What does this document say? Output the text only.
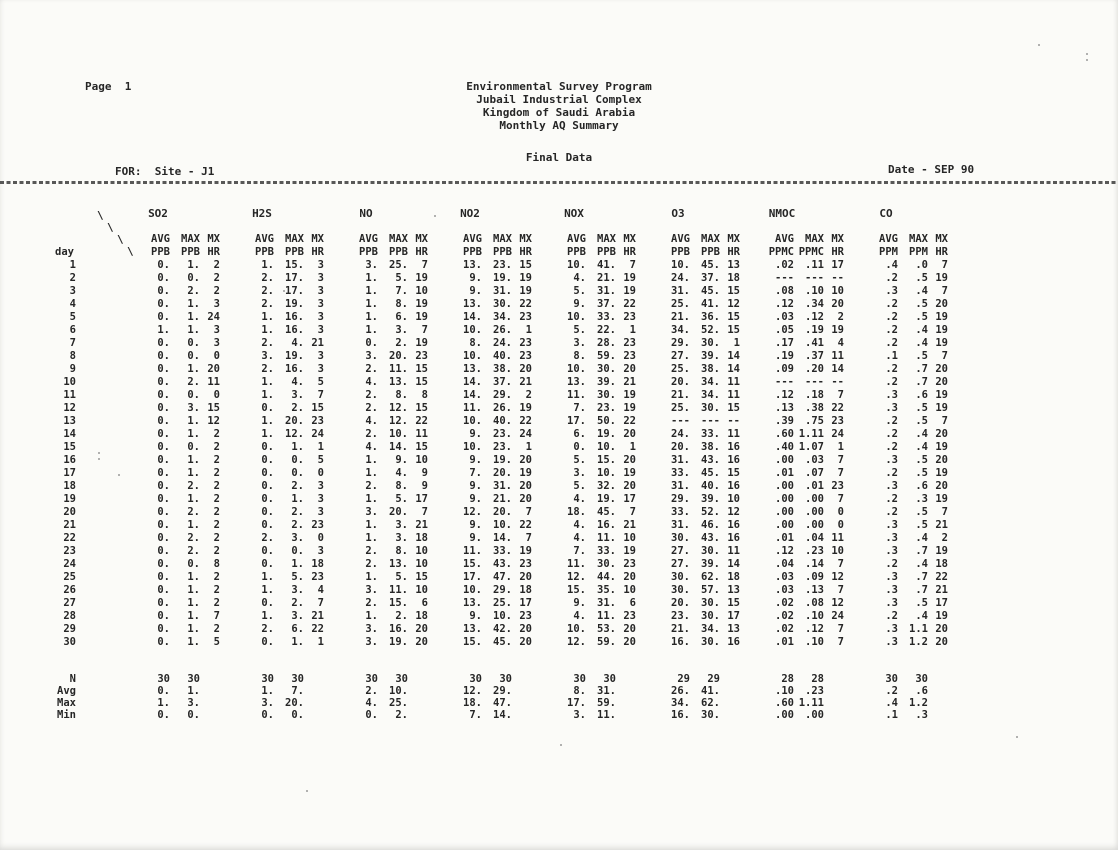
Page  1	Environmental Survey Program
Jubail Industrial Complex
Kingdom of Saudi Arabia
Monthly AQ Summary
Final Data
FOR:  Site - J1	Date - SEP 90
\
\
\
\
		SO2			H2S			NO			NO2			NOX			O3			NMOC			CO		
		AVG	MAX	MX	AVG	MAX	MX	AVG	MAX	MX	AVG	MAX	MX	AVG	MAX	MX	AVG	MAX	MX	AVG	MAX	MX	AVG	MAX	MX
day		PPB	PPB	HR	PPB	PPB	HR	PPB	PPB	HR	PPB	PPB	HR	PPB	PPB	HR	PPB	PPB	HR	PPMC	PPMC	HR	PPM	PPM	HR
1		0.	1.	2	1.	15.	3	3.	25.	7	13.	23.	15	10.	41.	7	10.	45.	13	.02	.11	17	.4	.0	7
2		0.	0.	2	2.	17.	3	1.	5.	19	9.	19.	19	4.	21.	19	24.	37.	18	---	---	--	.2	.5	19
3		0.	2.	2	2.	17.	3	1.	7.	10	9.	31.	19	5.	31.	19	31.	45.	15	.08	.10	10	.3	.4	7
4		0.	1.	3	2.	19.	3	1.	8.	19	13.	30.	22	9.	37.	22	25.	41.	12	.12	.34	20	.2	.5	20
5		0.	1.	24	1.	16.	3	1.	6.	19	14.	34.	23	10.	33.	23	21.	36.	15	.03	.12	2	.2	.5	19
6		1.	1.	3	1.	16.	3	1.	3.	7	10.	26.	1	5.	22.	1	34.	52.	15	.05	.19	19	.2	.4	19
7		0.	0.	3	2.	4.	21	0.	2.	19	8.	24.	23	3.	28.	23	29.	30.	1	.17	.41	4	.2	.4	19
8		0.	0.	0	3.	19.	3	3.	20.	23	10.	40.	23	8.	59.	23	27.	39.	14	.19	.37	11	.1	.5	7
9		0.	1.	20	2.	16.	3	2.	11.	15	13.	38.	20	10.	30.	20	25.	38.	14	.09	.20	14	.2	.7	20
10		0.	2.	11	1.	4.	5	4.	13.	15	14.	37.	21	13.	39.	21	20.	34.	11	---	---	--	.2	.7	20
11		0.	0.	0	1.	3.	7	2.	8.	8	14.	29.	2	11.	30.	19	21.	34.	11	.12	.18	7	.3	.6	19
12		0.	3.	15	0.	2.	15	2.	12.	15	11.	26.	19	7.	23.	19	25.	30.	15	.13	.38	22	.3	.5	19
13		0.	1.	12	1.	20.	23	4.	12.	22	10.	40.	22	17.	50.	22	---	---	--	.39	.75	23	.2	.5	7
14		0.	1.	2	1.	12.	24	2.	10.	11	9.	23.	24	6.	19.	20	24.	33.	11	.60	1.11	24	.2	.4	20
15		0.	0.	2	0.	1.	1	4.	14.	15	10.	23.	1	0.	10.	1	20.	38.	16	.40	1.07	1	.2	.4	19
16		0.	1.	2	0.	0.	5	1.	9.	10	9.	19.	20	5.	15.	20	31.	43.	16	.00	.03	7	.3	.5	20
17		0.	1.	2	0.	0.	0	1.	4.	9	7.	20.	19	3.	10.	19	33.	45.	15	.01	.07	7	.2	.5	19
18		0.	2.	2	0.	2.	3	2.	8.	9	9.	31.	20	5.	32.	20	31.	40.	16	.00	.01	23	.3	.6	20
19		0.	1.	2	0.	1.	3	1.	5.	17	9.	21.	20	4.	19.	17	29.	39.	10	.00	.00	7	.2	.3	19
20		0.	2.	2	0.	2.	3	3.	20.	7	12.	20.	7	18.	45.	7	33.	52.	12	.00	.00	0	.2	.5	7
21		0.	1.	2	0.	2.	23	1.	3.	21	9.	10.	22	4.	16.	21	31.	46.	16	.00	.00	0	.3	.5	21
22		0.	2.	2	2.	3.	0	1.	3.	18	9.	14.	7	4.	11.	10	30.	43.	16	.01	.04	11	.3	.4	2
23		0.	2.	2	0.	0.	3	2.	8.	10	11.	33.	19	7.	33.	19	27.	30.	11	.12	.23	10	.3	.7	19
24		0.	0.	8	0.	1.	18	2.	13.	10	15.	43.	23	11.	30.	23	27.	39.	14	.04	.14	7	.2	.4	18
25		0.	1.	2	1.	5.	23	1.	5.	15	17.	47.	20	12.	44.	20	30.	62.	18	.03	.09	12	.3	.7	22
26		0.	1.	2	1.	3.	4	3.	11.	10	10.	29.	18	15.	35.	10	30.	57.	13	.03	.13	7	.3	.7	21
27		0.	1.	2	0.	2.	7	2.	15.	6	13.	25.	17	9.	31.	6	20.	30.	15	.02	.08	12	.3	.5	17
28		0.	1.	7	1.	3.	21	1.	2.	18	9.	10.	23	4.	11.	23	23.	30.	17	.02	.10	24	.2	.4	19
29		0.	1.	2	2.	6.	22	3.	16.	20	13.	42.	20	10.	53.	20	21.	34.	13	.02	.12	7	.3	1.1	20
30		0.	1.	5	0.	1.	1	3.	19.	20	15.	45.	20	12.	59.	20	16.	30.	16	.01	.10	7	.3	1.2	20

N		30	30		30	30		30	30		30	30		30	30		29	29		28	28		30	30	
Avg		0.	1.		1.	7.		2.	10.		12.	29.		8.	31.		26.	41.		.10	.23		.2	.6	
Max		1.	3.		3.	20.		4.	25.		18.	47.		17.	59.		34.	62.		.60	1.11		.4	1.2	
Min		0.	0.		0.	0.		0.	2.		7.	14.		3.	11.		16.	30.		.00	.00		.1	.3	
